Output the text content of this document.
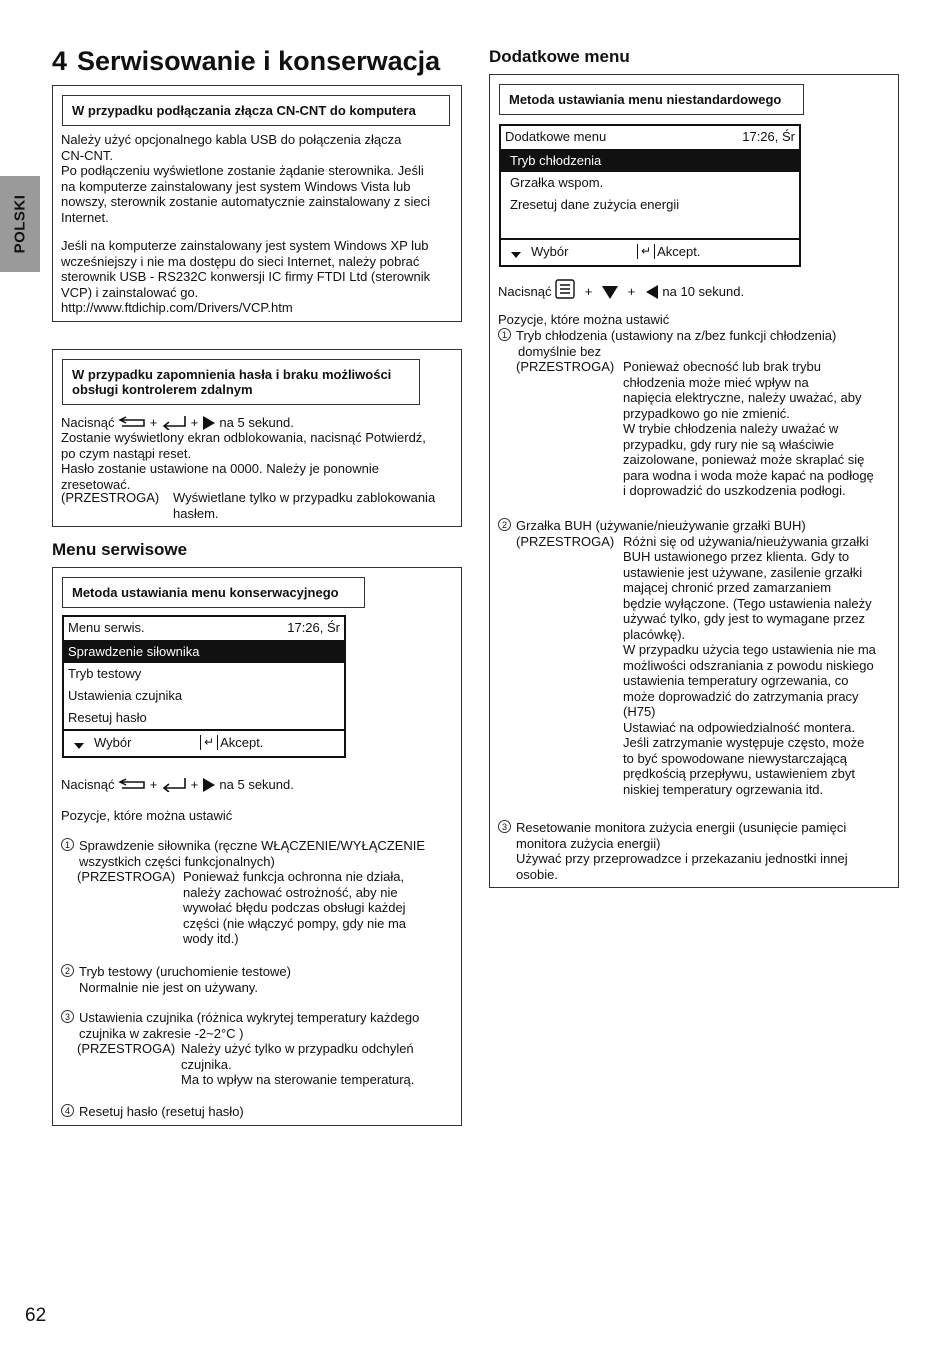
POLSKI
4 Serwisowanie i konserwacja
W przypadku podłączania złącza CN-CNT do komputera

Należy użyć opcjonalnego kabla USB do połączenia złącza
CN-CNT.
Po podłączeniu wyświetlone zostanie żądanie sterownika. Jeśli
na komputerze zainstalowany jest system Windows Vista lub
nowszy, sterownik zostanie automatycznie zainstalowany z sieci
Internet.

Jeśli na komputerze zainstalowany jest system Windows XP lub
wcześniejszy i nie ma dostępu do sieci Internet, należy pobrać
sterownik USB - RS232C konwersji IC firmy FTDI Ltd (sterownik
VCP) i zainstalować go.
http://www.ftdichip.com/Drivers/VCP.htm

W przypadku zapomnienia hasła i braku możliwości
obsługi kontrolerem zdalnym
Nacisnąć	+	+ na 5 sekund.

Zostanie wyświetlony ekran odblokowania, nacisnąć Potwierdź,
po czym nastąpi reset.
Hasło zostanie ustawione na 0000. Należy je ponownie
zresetować.

(PRZESTROGA)	Wyświetlane tylko w przypadku zablokowania
hasłem.
Menu serwisowe
Metoda ustawiania menu konserwacyjnego
Menu serwis.	17:26, Śr
Sprawdzenie siłownika
Tryb testowy
Ustawienia czujnika
Resetuj hasło
Wybór	↵ Akcept.
Nacisnąć	+	+ na 5 sekund.

Pozycje, które można ustawić

1 Sprawdzenie siłownika (ręczne WŁĄCZENIE/WYŁĄCZENIE
wszystkich części funkcjonalnych)
(PRZESTROGA) Ponieważ funkcja ochronna nie działa,
należy zachować ostrożność, aby nie
wywołać błędu podczas obsługi każdej
części (nie włączyć pompy, gdy nie ma
wody itd.)
2 Tryb testowy (uruchomienie testowe)
Normalnie nie jest on używany.
3 Ustawienia czujnika (różnica wykrytej temperatury każdego
czujnika w zakresie -2~2°C )
(PRZESTROGA) Należy użyć tylko w przypadku odchyleń
czujnika.
Ma to wpływ na sterowanie temperaturą.
4 Resetuj hasło (resetuj hasło)
Dodatkowe menu
Metoda ustawiania menu niestandardowego
Dodatkowe menu	17:26, Śr
Tryb chłodzenia
Grzałka wspom.
Zresetuj dane zużycia energii
Wybór	↵ Akcept.
Nacisnąć	+	+ na 10 sekund.

Pozycje, które można ustawić

1 Tryb chłodzenia (ustawiony na z/bez funkcji chłodzenia)
domyślnie bez
(PRZESTROGA) Ponieważ obecność lub brak trybu
chłodzenia może mieć wpływ na
napięcia elektryczne, należy uważać, aby
przypadkowo go nie zmienić.
W trybie chłodzenia należy uważać w
przypadku, gdy rury nie są właściwie
zaizolowane, ponieważ może skraplać się
para wodna i woda może kapać na podłogę
i doprowadzić do uszkodzenia podłogi.
2 Grzałka BUH (używanie/nieużywanie grzałki BUH)
(PRZESTROGA) Różni się od używania/nieużywania grzałki
BUH ustawionego przez klienta. Gdy to
ustawienie jest używane, zasilenie grzałki
mającej chronić przed zamarzaniem
będzie wyłączone. (Tego ustawienia należy
używać tylko, gdy jest to wymagane przez
placówkę).
W przypadku użycia tego ustawienia nie ma
możliwości odszraniania z powodu niskiego
ustawienia temperatury ogrzewania, co
może doprowadzić do zatrzymania pracy
(H75)
Ustawiać na odpowiedzialność montera.
Jeśli zatrzymanie występuje często, może
to być spowodowane niewystarczającą
prędkością przepływu, ustawieniem zbyt
niskiej temperatury ogrzewania itd.
3 Resetowanie monitora zużycia energii (usunięcie pamięci
monitora zużycia energii)
Używać przy przeprowadzce i przekazaniu jednostki innej
osobie.
62
